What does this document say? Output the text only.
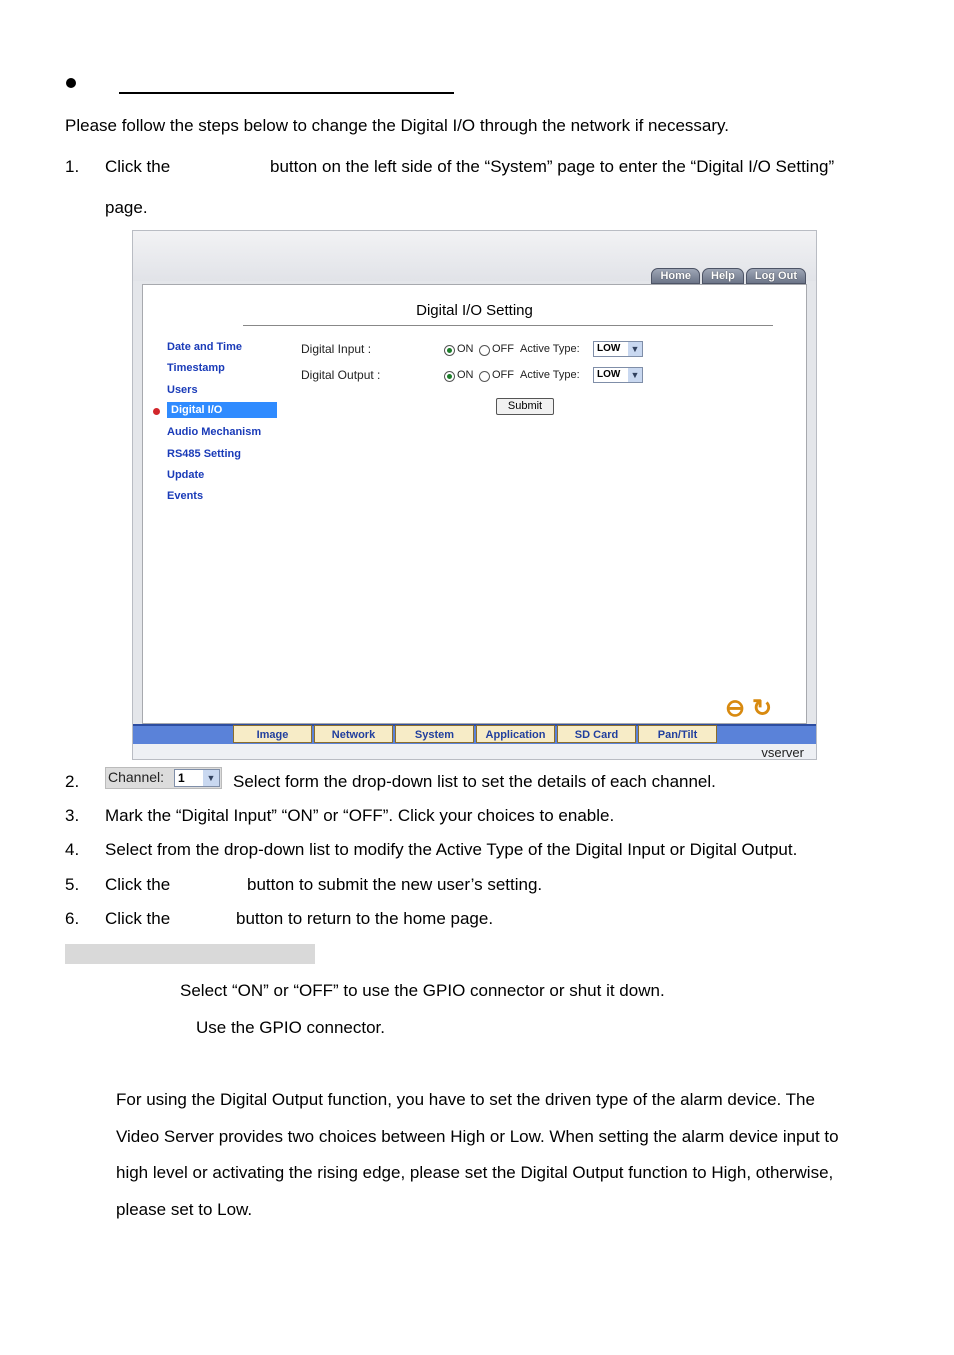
Please follow the steps below to change the Digital I/O through the network if necessary.
1. Click the	button on the left side of the “System” page to enter the “Digital I/O Setting”
page.
Home	Help	Log Out
Digital I/O Setting
Date and Time
Timestamp
Users
Digital I/O
Audio Mechanism
RS485 Setting
Update
Events
Digital Input :	ON OFF Active Type:	LOW ▼
Digital Output :	ON OFF Active Type:	LOW ▼
Submit
⊖ ↻
Image	Network	System	Application	SD Card	Pan/Tilt
vserver
2. Channel:	1	▼ Select form the drop-down list to set the details of each channel.
3. Mark the “Digital Input” “ON” or “OFF”. Click your choices to enable.
4. Select from the drop-down list to modify the Active Type of the Digital Input or Digital Output.
5. Click the	button to submit the new user’s setting.
6. Click the	button to return to the home page.
Select “ON” or “OFF” to use the GPIO connector or shut it down.
Use the GPIO connector.
For using the Digital Output function, you have to set the driven type of the alarm device. The
Video Server provides two choices between High or Low. When setting the alarm device input to
high level or activating the rising edge, please set the Digital Output function to High, otherwise,
please set to Low.
